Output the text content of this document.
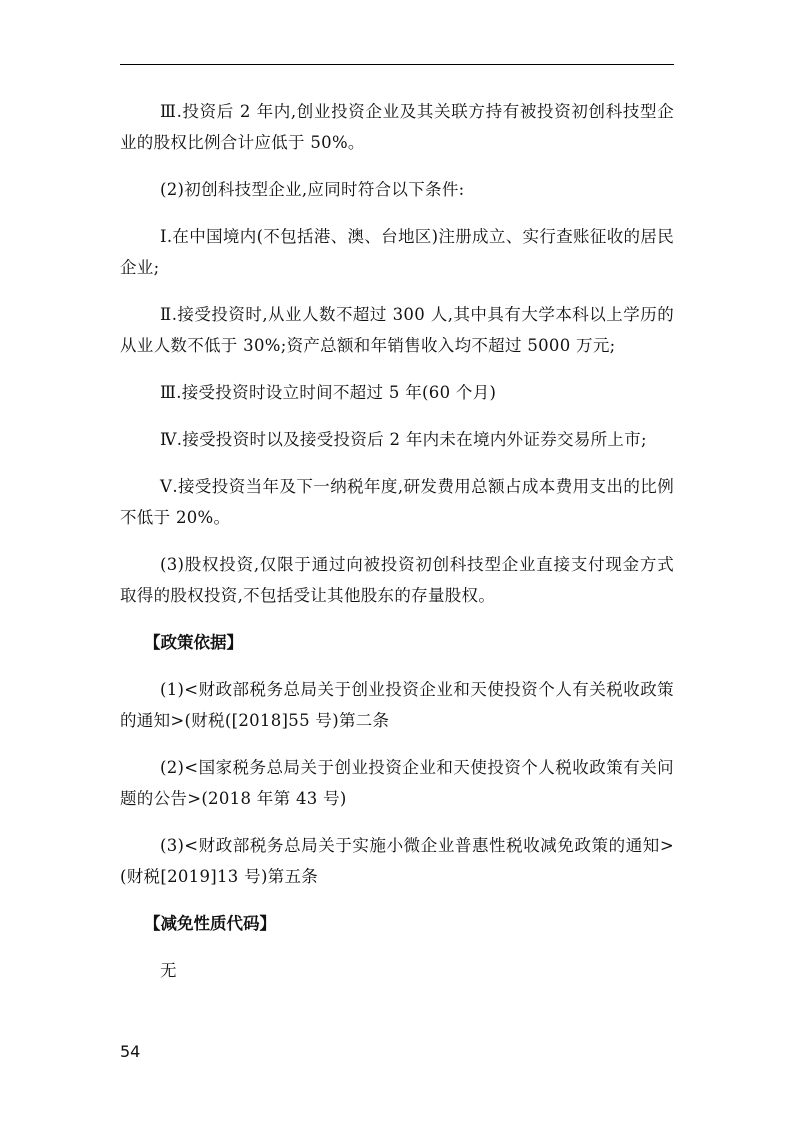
Ⅲ.投资后 2 年内,创业投资企业及其关联方持有被投资初创科技型企业的股权比例合计应低于 50%。

(2)初创科技型企业,应同时符合以下条件:

Ⅰ.在中国境内(不包括港、澳、台地区)注册成立、实行查账征收的居民企业;

Ⅱ.接受投资时,从业人数不超过 300 人,其中具有大学本科以上学历的从业人数不低于 30%;资产总额和年销售收入均不超过 5000 万元;

Ⅲ.接受投资时设立时间不超过 5 年(60 个月)

Ⅳ.接受投资时以及接受投资后 2 年内未在境内外证券交易所上市;

Ⅴ.接受投资当年及下一纳税年度,研发费用总额占成本费用支出的比例不低于 20%。

(3)股权投资,仅限于通过向被投资初创科技型企业直接支付现金方式取得的股权投资,不包括受让其他股东的存量股权。

【政策依据】

(1)<财政部税务总局关于创业投资企业和天使投资个人有关税收政策的通知>(财税([2018]55 号)第二条

(2)<国家税务总局关于创业投资企业和天使投资个人税收政策有关问题的公告>(2018 年第 43 号)

(3)<财政部税务总局关于实施小微企业普惠性税收减免政策的通知>(财税[2019]13 号)第五条

【减免性质代码】

无

54
